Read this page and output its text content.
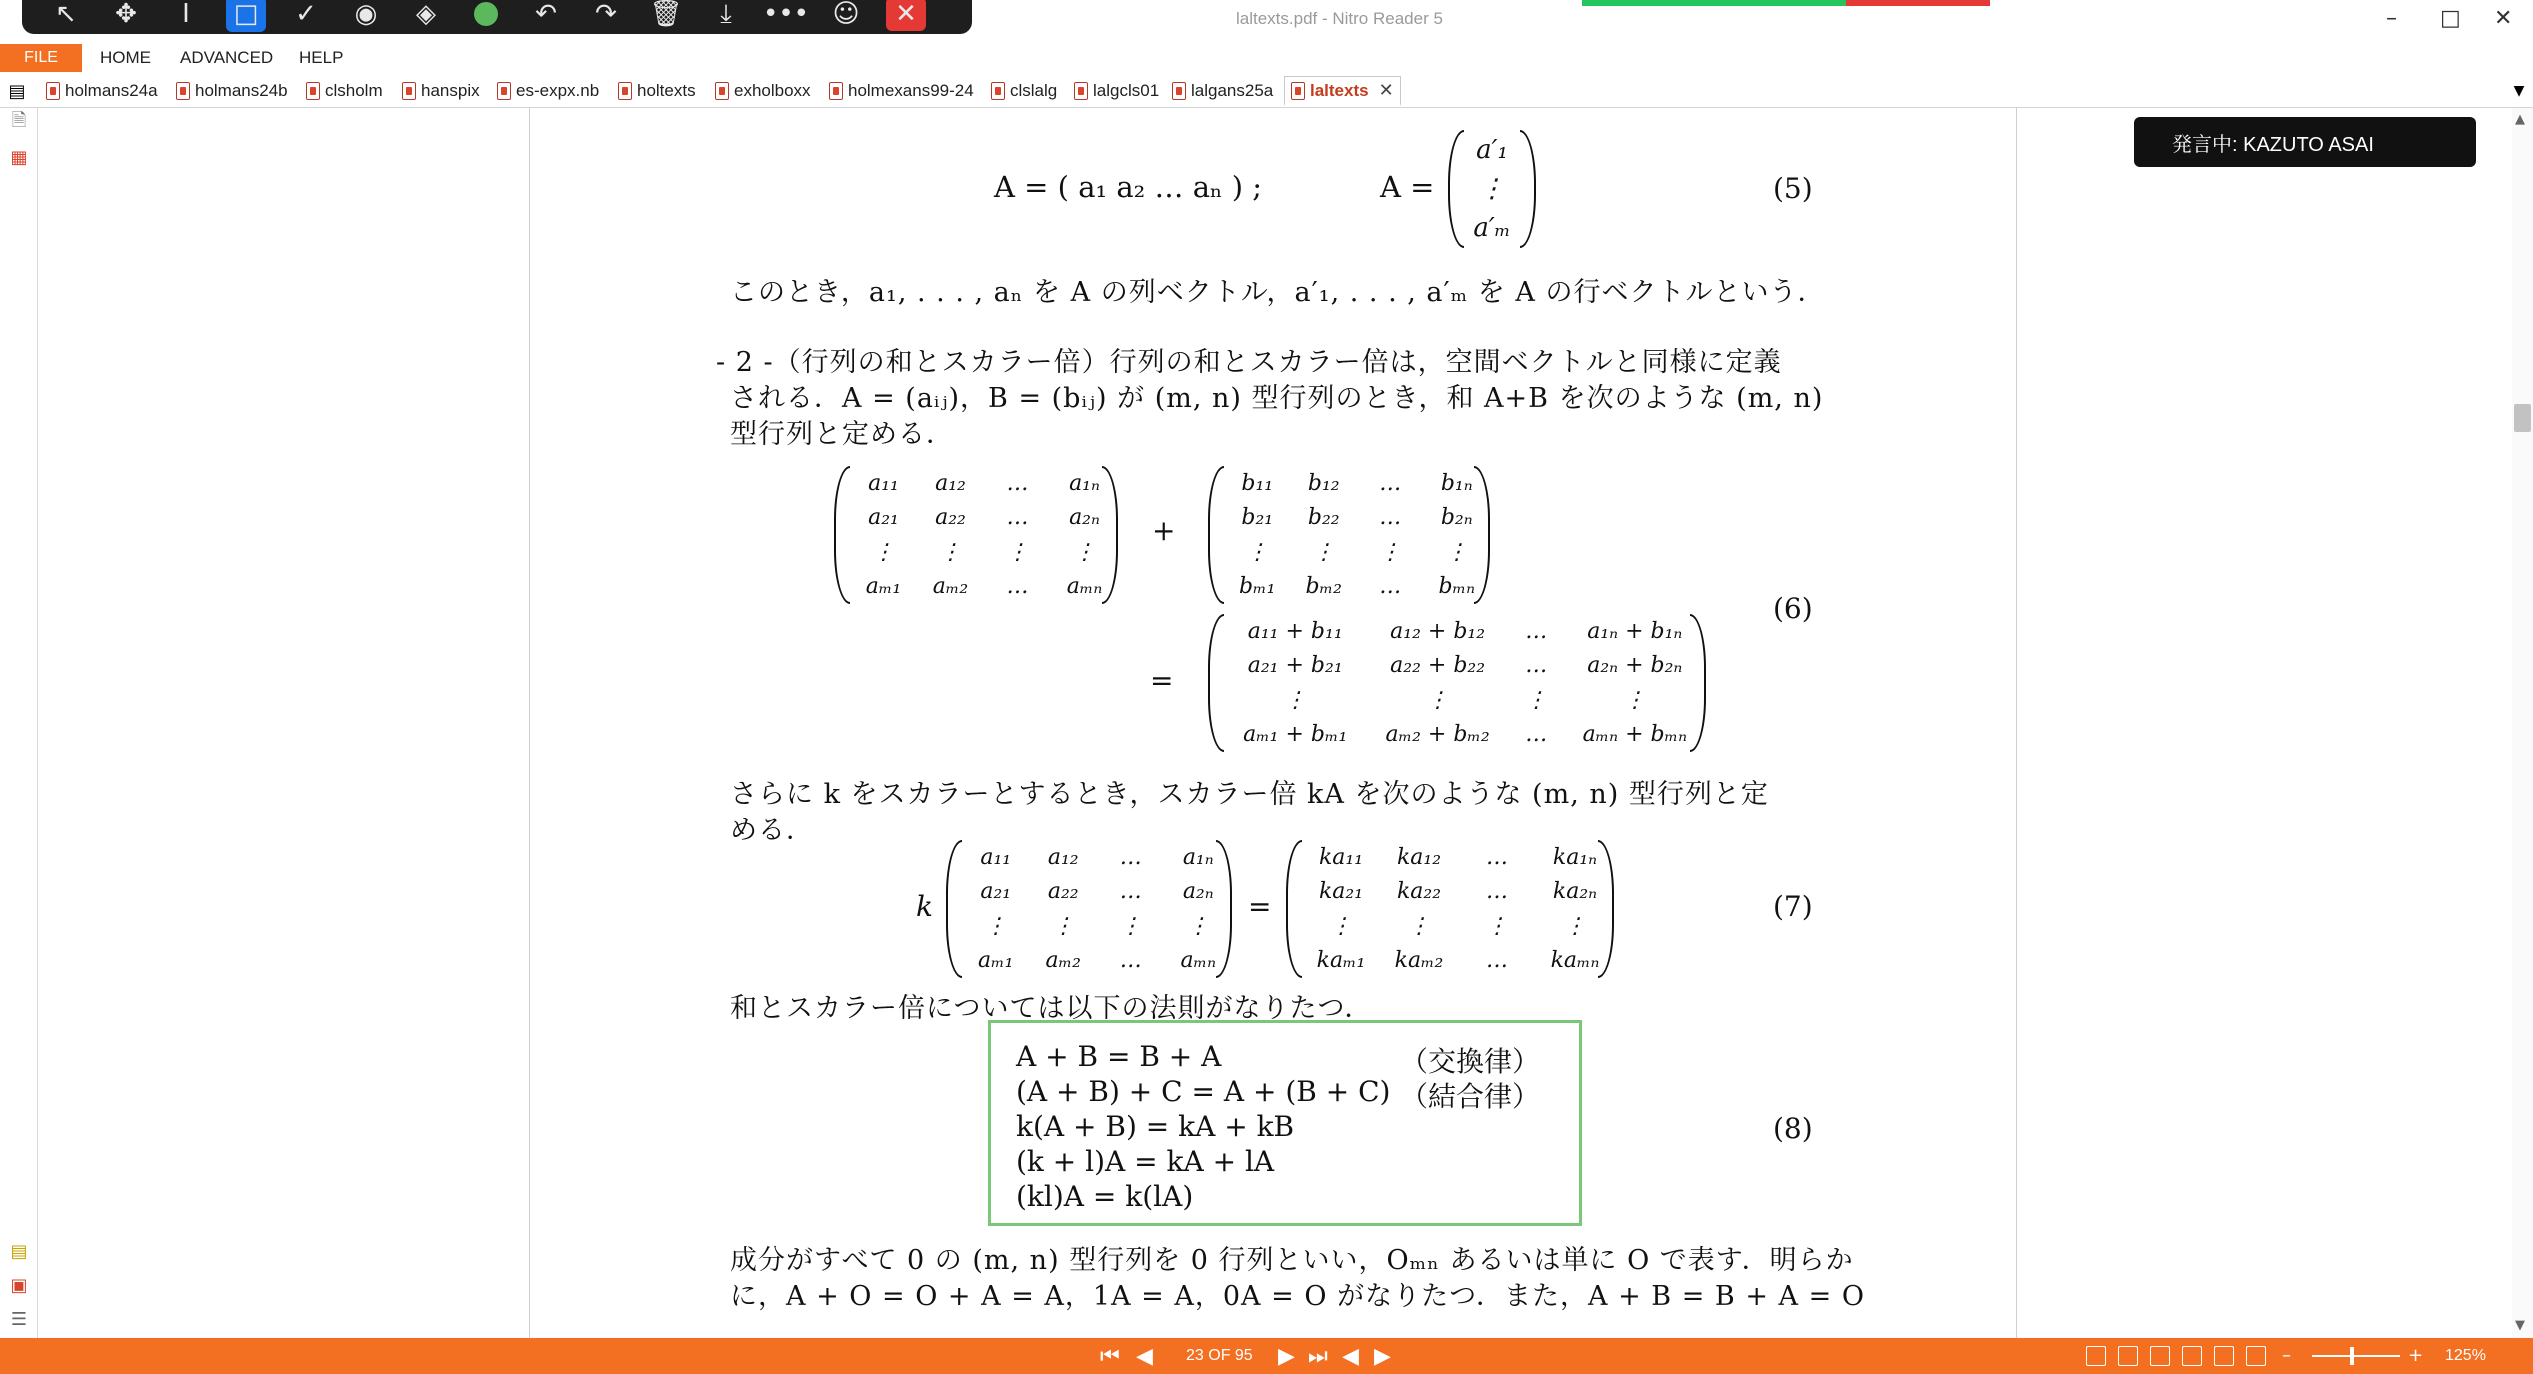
↖	✥	I	□	✓	◉	◈	↶	↷	🗑	⤓	••• ☺	✕	laltexts.pdf - Nitro Reader 5	– □ ✕
FILE	HOME ADVANCED HELP
▤ holmans24a holmans24b clsholm hanspix es-expx.nb holtexts exholboxx holmexans99-24 clslalg lalgcls01 lalgans25a laltexts ✕	▼
🗎
▦
▤
▣
☰
A = ( a₁ a₂ … aₙ ) ;	A =
a′₁
⋮
a′ₘ
(5)
このとき，a₁, . . . , aₙ を A の列ベクトル，a′₁, . . . , a′ₘ を A の行ベクトルという．
- 2 -（行列の和とスカラー倍）行列の和とスカラー倍は，空間ベクトルと同様に定義
される．A = (aᵢⱼ)，B = (bᵢⱼ) が (m, n) 型行列のとき，和 A+B を次のような (m, n)
型行列と定める．
a₁₁	a₁₂	…	a₁ₙ
a₂₁	a₂₂	…	a₂ₙ
⋮	⋮	⋮	⋮
aₘ₁	aₘ₂	…	aₘₙ
+
b₁₁	b₁₂	…	b₁ₙ
b₂₁	b₂₂	…	b₂ₙ
⋮	⋮	⋮	⋮
bₘ₁	bₘ₂	…	bₘₙ
=
a₁₁ + b₁₁	a₁₂ + b₁₂	…	a₁ₙ + b₁ₙ
a₂₁ + b₂₁	a₂₂ + b₂₂	…	a₂ₙ + b₂ₙ
⋮	⋮	⋮	⋮
aₘ₁ + bₘ₁	aₘ₂ + bₘ₂	…	aₘₙ + bₘₙ
(6)
さらに k をスカラーとするとき，スカラー倍 kA を次のような (m, n) 型行列と定
める．
k
a₁₁	a₁₂	…	a₁ₙ
a₂₁	a₂₂	…	a₂ₙ
⋮	⋮	⋮	⋮
aₘ₁	aₘ₂	…	aₘₙ
=
ka₁₁	ka₁₂	…	ka₁ₙ
ka₂₁	ka₂₂	…	ka₂ₙ
⋮	⋮	⋮	⋮
kaₘ₁	kaₘ₂	…	kaₘₙ
(7)
和とスカラー倍については以下の法則がなりたつ．
A + B = B + A
(A + B) + C = A + (B + C)
k(A + B) = kA + kB
(k + l)A = kA + lA
(kl)A = k(lA)
（交換律）
（結合律）
(8)
成分がすべて 0 の (m, n) 型行列を 0 行列といい，Oₘₙ あるいは単に O で表す．明らか
に，A + O = O + A = A，1A = A，0A = O がなりたつ．また，A + B = B + A = O
発言中: KAZUTO ASAI
▲
▼
⏮ ◀ 23 OF 95 ▶ ⏭ ◀ ▶	–	+ 125%
